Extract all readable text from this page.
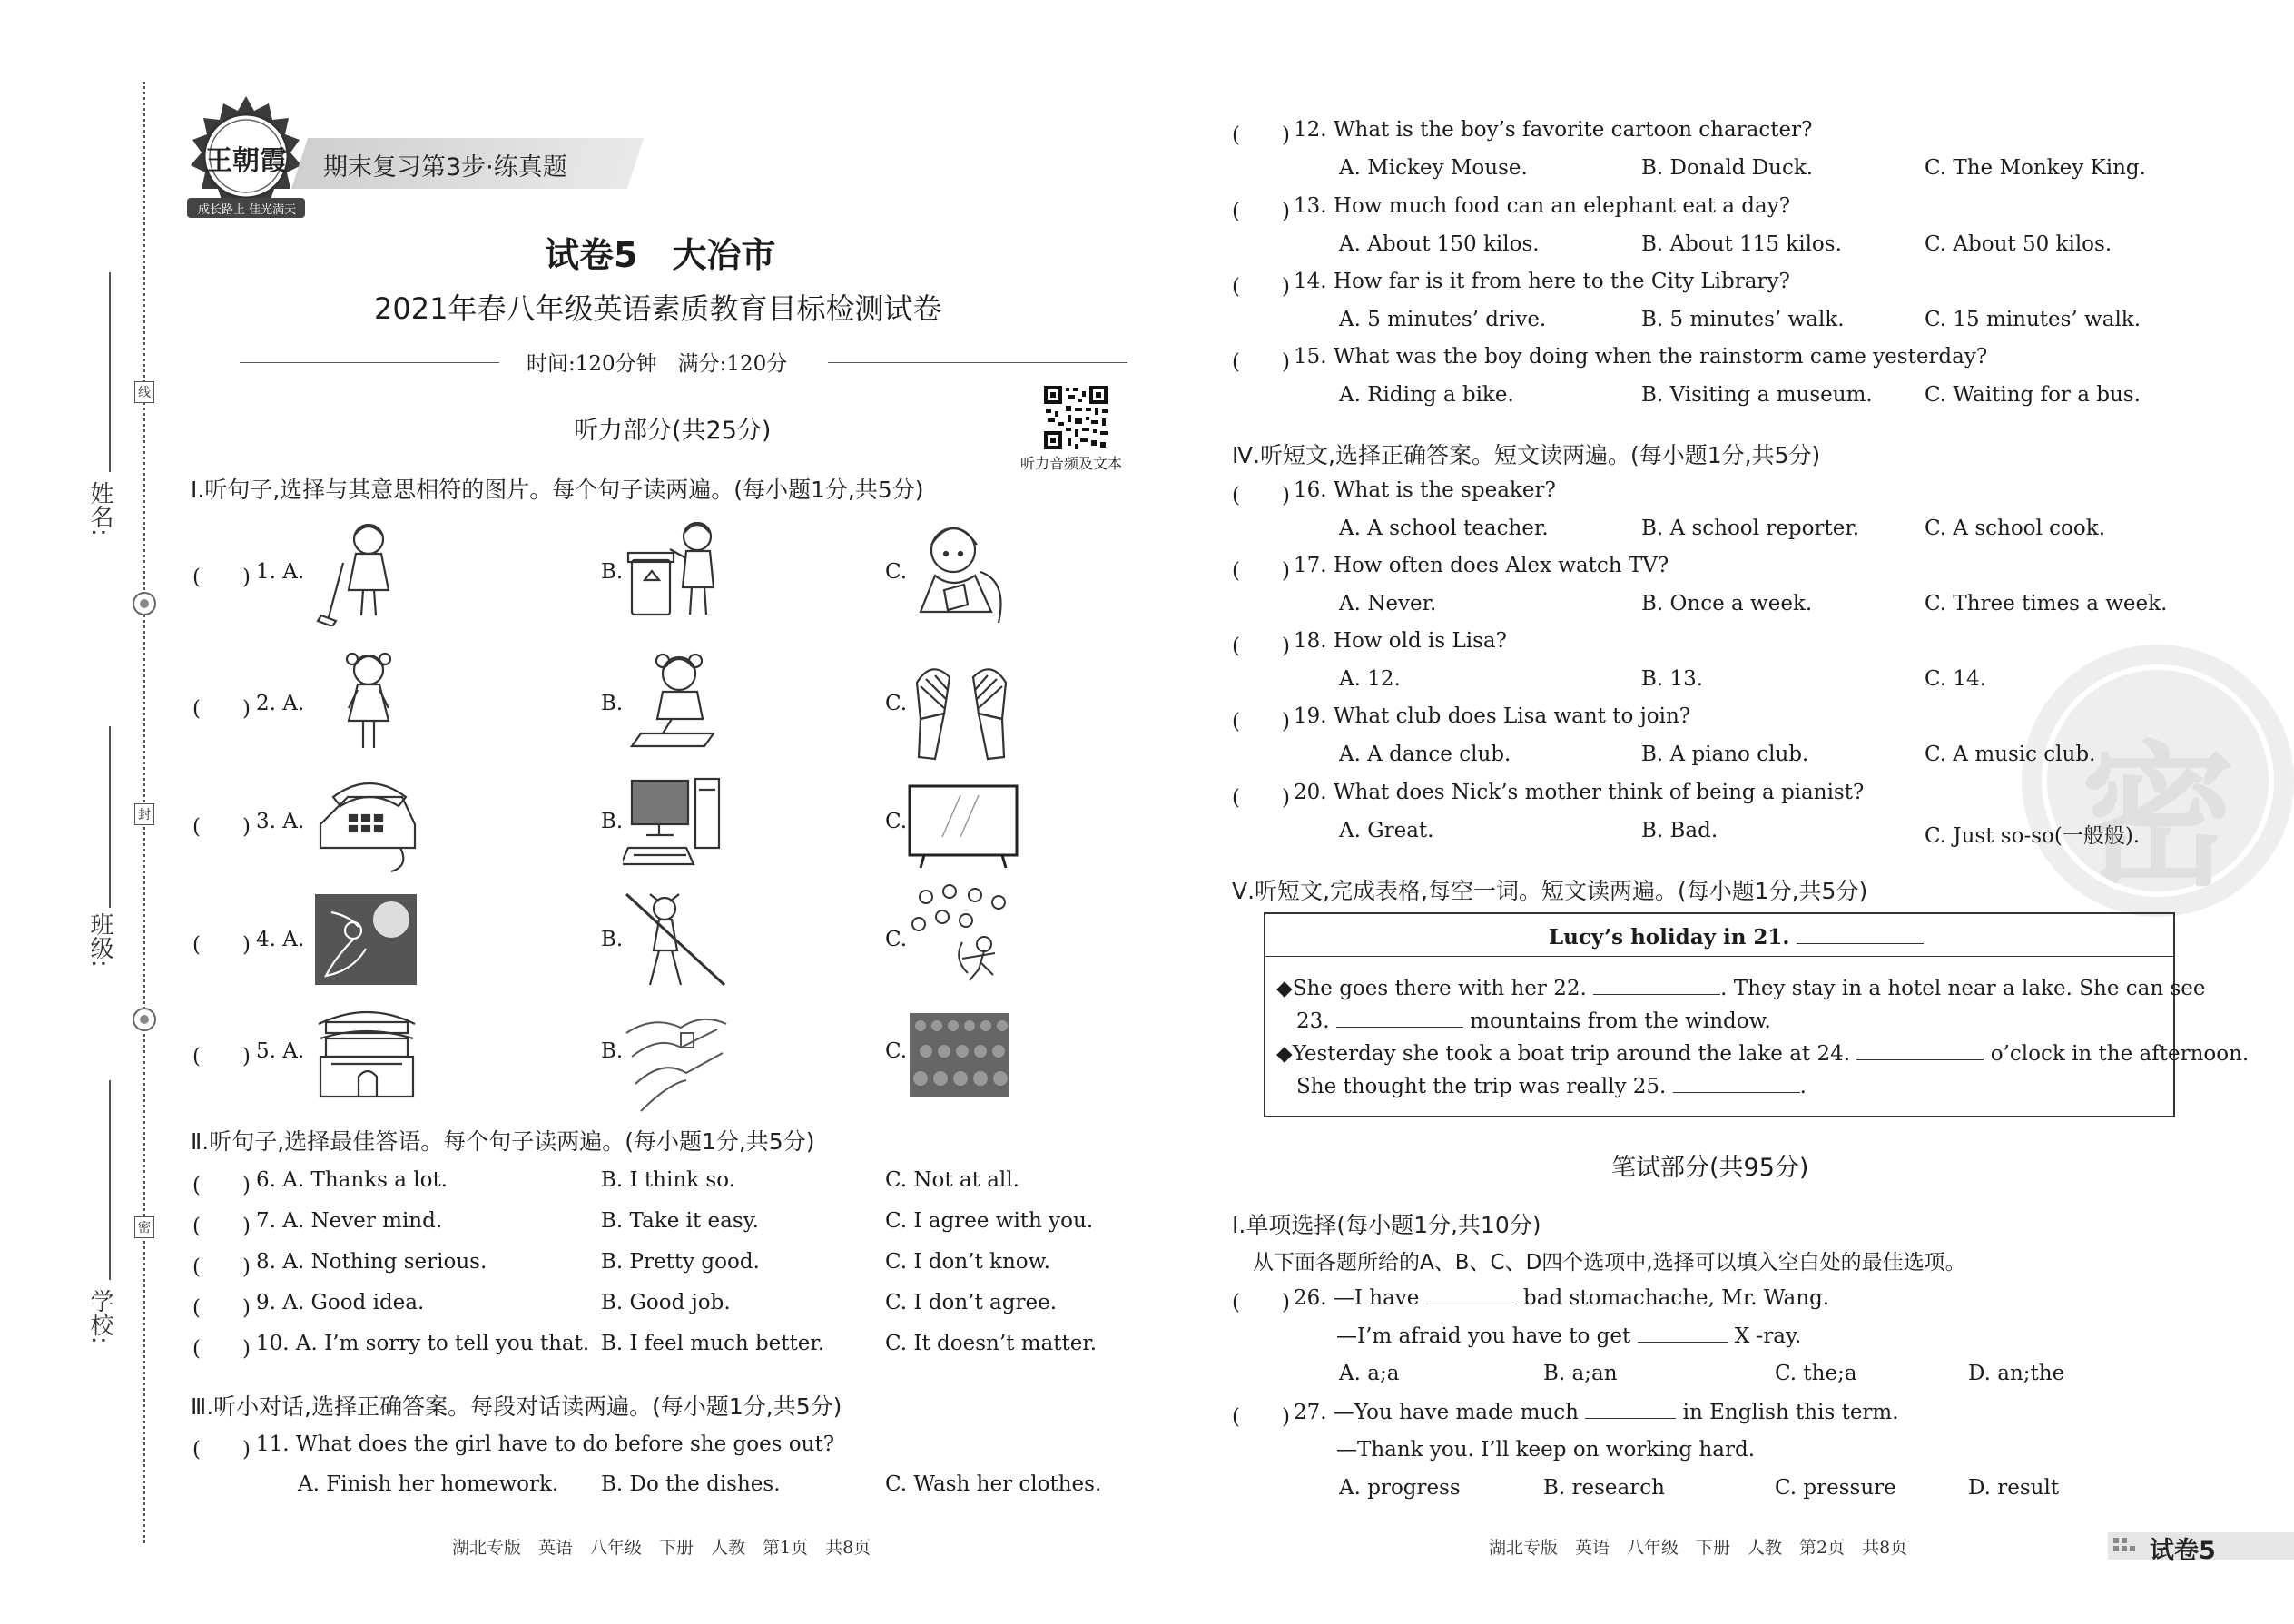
姓名:
班级:
学校:
线
封
密
王朝霞
成长路上 佳光满天
期末复习第3步·练真题
试卷5　大冶市
2021年春八年级英语素质教育目标检测试卷
时间:120分钟　满分:120分
听力音频及文本
听力部分(共25分)
Ⅰ.听句子,选择与其意思相符的图片。每个句子读两遍。(每小题1分,共5分)
(　　) 1. A.	B.	C.
(　　) 2. A.	B.	C.
(　　) 3. A.	B.	C.
(　　) 4. A.	B.	C.
(　　) 5. A.	B.	C.
Ⅱ.听句子,选择最佳答语。每个句子读两遍。(每小题1分,共5分)
(　　) 6. A. Thanks a lot.	B. I think so.	C. Not at all.
(　　) 7. A. Never mind.	B. Take it easy.	C. I agree with you.
(　　) 8. A. Nothing serious.	B. Pretty good.	C. I don’t know.
(　　) 9. A. Good idea.	B. Good job.	C. I don’t agree.
(　　) 10. A. I’m sorry to tell you that. B. I feel much better.	C. It doesn’t matter.
Ⅲ.听小对话,选择正确答案。每段对话读两遍。(每小题1分,共5分)
(　　) 11. What does the girl have to do before she goes out?
A. Finish her homework. B. Do the dishes.	C. Wash her clothes.
湖北专版　英语　八年级　下册　人教　第1页　共8页
密
(　　) 12. What is the boy’s favorite cartoon character?
A. Mickey Mouse.	B. Donald Duck.	C. The Monkey King.
(　　) 13. How much food can an elephant eat a day?
A. About 150 kilos.	B. About 115 kilos.	C. About 50 kilos.
(　　) 14. How far is it from here to the City Library?
A. 5 minutes’ drive.	B. 5 minutes’ walk.	C. 15 minutes’ walk.
(　　) 15. What was the boy doing when the rainstorm came yesterday?
A. Riding a bike.	B. Visiting a museum. C. Waiting for a bus.
Ⅳ.听短文,选择正确答案。短文读两遍。(每小题1分,共5分)
(　　) 16. What is the speaker?
A. A school teacher.	B. A school reporter.	C. A school cook.
(　　) 17. How often does Alex watch TV?
A. Never.	B. Once a week.	C. Three times a week.
(　　) 18. How old is Lisa?
A. 12.	B. 13.	C. 14.
(　　) 19. What club does Lisa want to join?
A. A dance club.	B. A piano club.	C. A music club.
(　　) 20. What does Nick’s mother think of being a pianist?
A. Great.	B. Bad.	C. Just so-so(一般般).
Ⅴ.听短文,完成表格,每空一词。短文读两遍。(每小题1分,共5分)
Lucy’s holiday in 21.
◆She goes there with her 22.	. They stay in a hotel near a lake. She can see
23.	mountains from the window.
◆Yesterday she took a boat trip around the lake at 24.	o’clock in the afternoon.
She thought the trip was really 25.	.
笔试部分(共95分)
Ⅰ.单项选择(每小题1分,共10分)
从下面各题所给的A、B、C、D四个选项中,选择可以填入空白处的最佳选项。
(　　) 26. —I have	bad stomachache, Mr. Wang.
—I’m afraid you have to get	X -ray.
A. a;a	B. a;an	C. the;a	D. an;the
(　　) 27. —You have made much	in English this term.
—Thank you. I’ll keep on working hard.
A. progress	B. research	C. pressure	D. result
湖北专版　英语　八年级　下册　人教　第2页　共8页	试卷5
